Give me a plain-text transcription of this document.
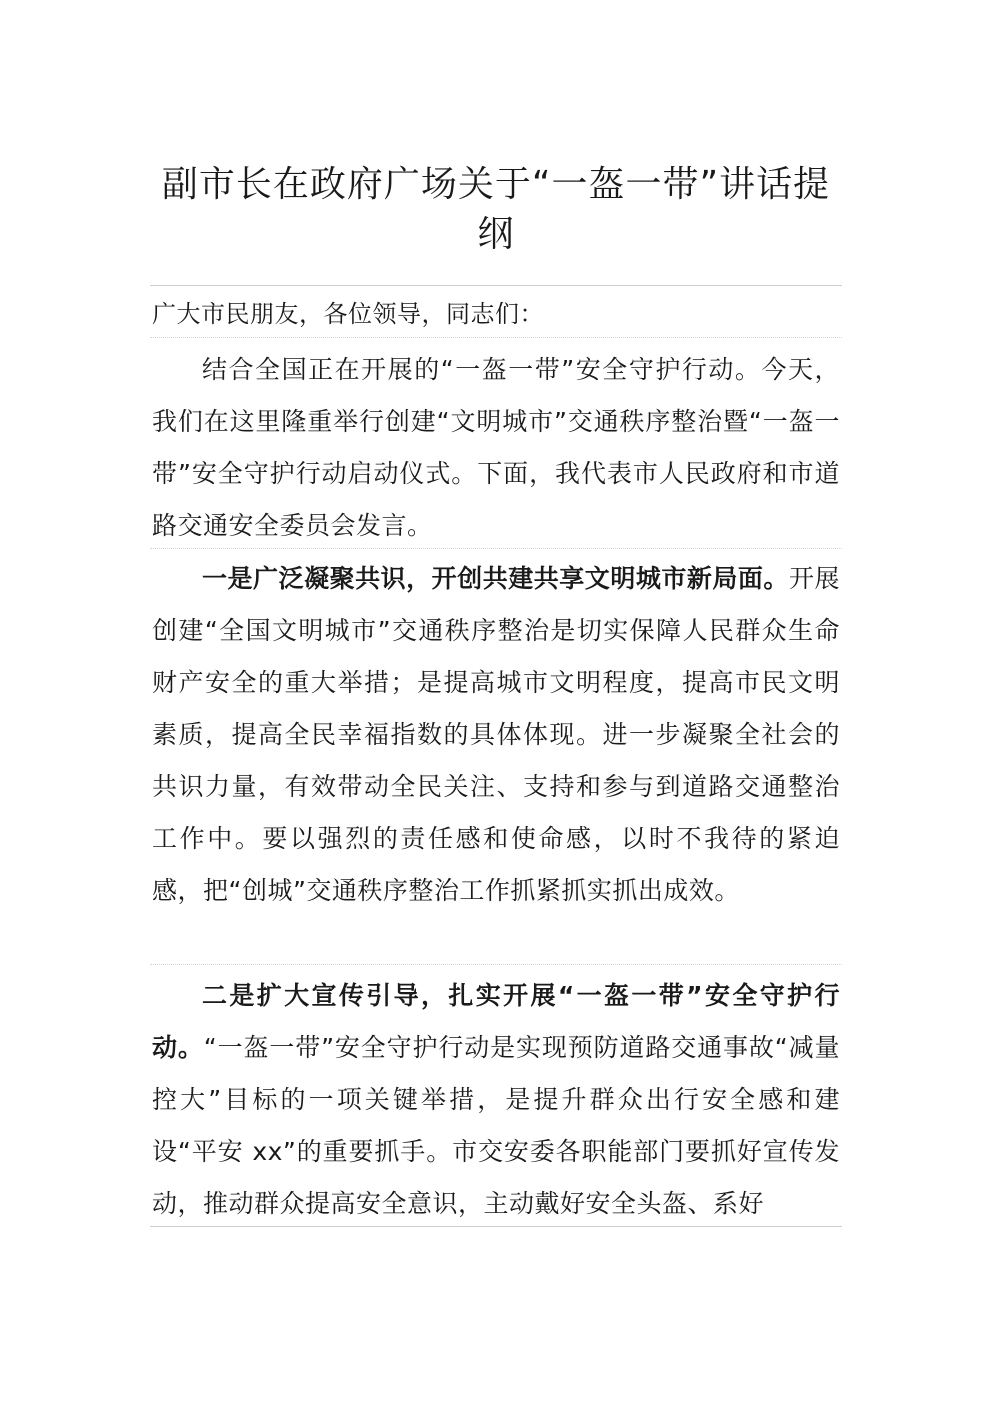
副市长在政府广场关于“一盔一带”讲话提
纲
广大市民朋友，各位领导，同志们：
结合全国正在开展的“一盔一带”安全守护行动。今天，我们在这里隆重举行创建“文明城市”交通秩序整治暨“一盔一带”安全守护行动启动仪式。下面，我代表市人民政府和市道路交通安全委员会发言。
一是广泛凝聚共识，开创共建共享文明城市新局面。开展创建“全国文明城市”交通秩序整治是切实保障人民群众生命财产安全的重大举措；是提高城市文明程度，提高市民文明素质，提高全民幸福指数的具体体现。进一步凝聚全社会的共识力量，有效带动全民关注、支持和参与到道路交通整治工作中。要以强烈的责任感和使命感，以时不我待的紧迫感，把“创城”交通秩序整治工作抓紧抓实抓出成效。
二是扩大宣传引导，扎实开展“一盔一带”安全守护行动。“一盔一带”安全守护行动是实现预防道路交通事故“减量控大”目标的一项关键举措，是提升群众出行安全感和建设“平安 xx”的重要抓手。市交安委各职能部门要抓好宣传发动，推动群众提高安全意识，主动戴好安全头盔、系好
